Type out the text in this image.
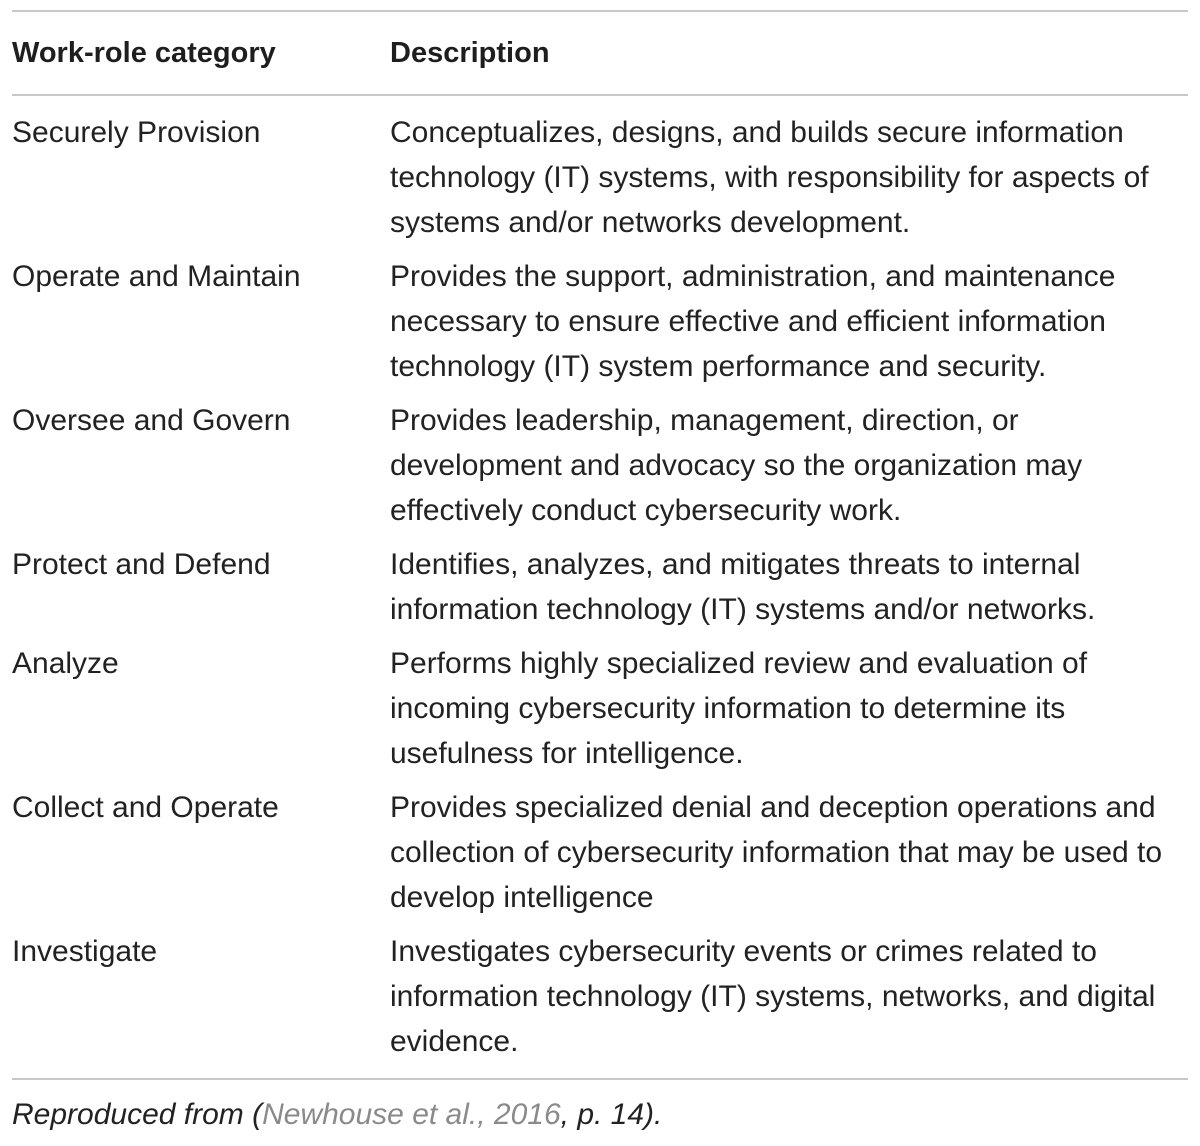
Work-role category	Description
Securely Provision	Conceptualizes, designs, and builds secure information technology (IT) systems, with responsibility for aspects of systems and/or networks development.
Operate and Maintain	Provides the support, administration, and maintenance necessary to ensure effective and efficient information technology (IT) system performance and security.
Oversee and Govern	Provides leadership, management, direction, or development and advocacy so the organization may effectively conduct cybersecurity work.
Protect and Defend	Identifies, analyzes, and mitigates threats to internal information technology (IT) systems and/or networks.
Analyze	Performs highly specialized review and evaluation of incoming cybersecurity information to determine its usefulness for intelligence.
Collect and Operate	Provides specialized denial and deception operations and collection of cybersecurity information that may be used to develop intelligence
Investigate	Investigates cybersecurity events or crimes related to information technology (IT) systems, networks, and digital evidence.
Reproduced from (Newhouse et al., 2016, p. 14).
